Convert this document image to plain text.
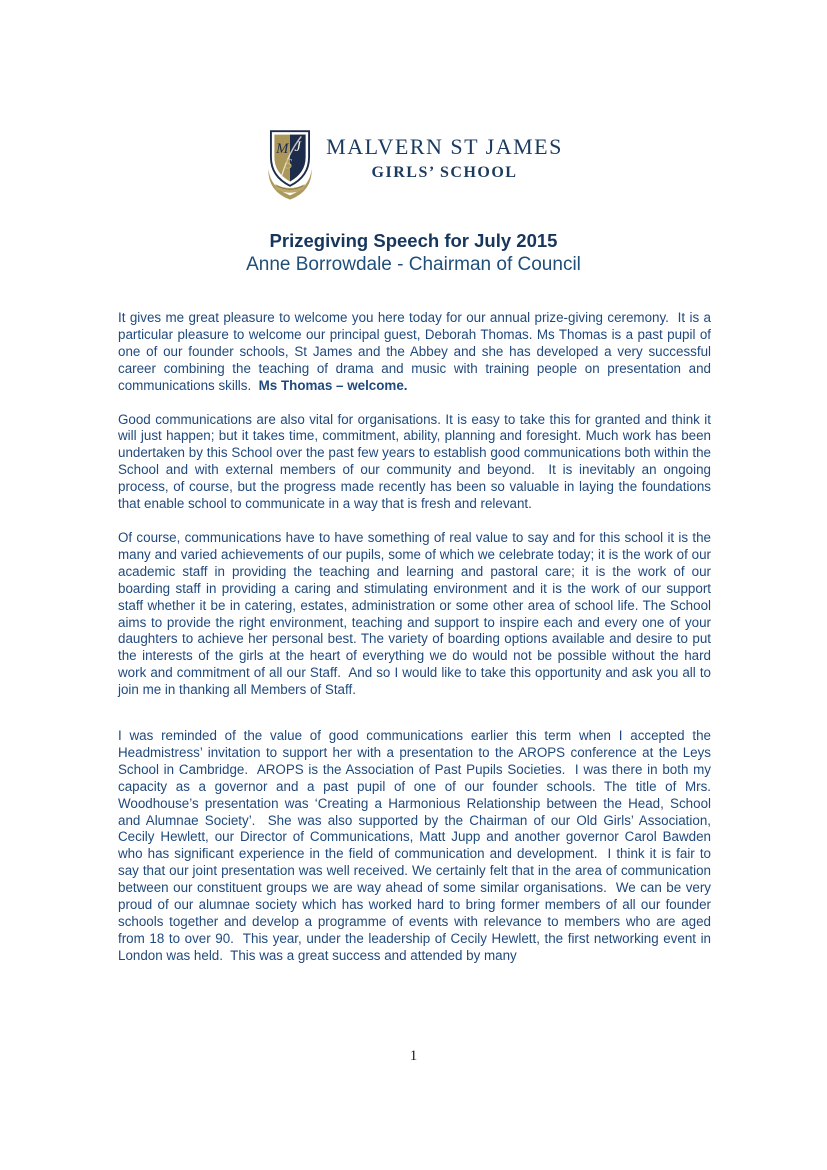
M J
S
MALVERN ST JAMES
GIRLS’ SCHOOL
Prizegiving Speech for July 2015
Anne Borrowdale - Chairman of Council

It gives me great pleasure to welcome you here today for our annual prize-giving ceremony.  It is a particular pleasure to welcome our principal guest, Deborah Thomas. Ms Thomas is a past pupil of one of our founder schools, St James and the Abbey and she has developed a very successful career combining the teaching of drama and music with training people on presentation and communications skills.  Ms Thomas – welcome.

Good communications are also vital for organisations. It is easy to take this for granted and think it will just happen; but it takes time, commitment, ability, planning and foresight. Much work has been undertaken by this School over the past few years to establish good communications both within the School and with external members of our community and beyond.  It is inevitably an ongoing process, of course, but the progress made recently has been so valuable in laying the foundations that enable school to communicate in a way that is fresh and relevant.

Of course, communications have to have something of real value to say and for this school it is the many and varied achievements of our pupils, some of which we celebrate today; it is the work of our academic staff in providing the teaching and learning and pastoral care; it is the work of our boarding staff in providing a caring and stimulating environment and it is the work of our support staff whether it be in catering, estates, administration or some other area of school life. The School aims to provide the right environment, teaching and support to inspire each and every one of your daughters to achieve her personal best. The variety of boarding options available and desire to put the interests of the girls at the heart of everything we do would not be possible without the hard work and commitment of all our Staff.  And so I would like to take this opportunity and ask you all to join me in thanking all Members of Staff.

I was reminded of the value of good communications earlier this term when I accepted the Headmistress’ invitation to support her with a presentation to the AROPS conference at the Leys School in Cambridge.  AROPS is the Association of Past Pupils Societies.  I was there in both my capacity as a governor and a past pupil of one of our founder schools. The title of Mrs. Woodhouse’s presentation was ‘Creating a Harmonious Relationship between the Head, School and Alumnae Society’.  She was also supported by the Chairman of our Old Girls’ Association, Cecily Hewlett, our Director of Communications, Matt Jupp and another governor Carol Bawden who has significant experience in the field of communication and development.  I think it is fair to say that our joint presentation was well received. We certainly felt that in the area of communication between our constituent groups we are way ahead of some similar organisations.  We can be very proud of our alumnae society which has worked hard to bring former members of all our founder schools together and develop a programme of events with relevance to members who are aged from 18 to over 90.  This year, under the leadership of Cecily Hewlett, the first networking event in London was held.  This was a great success and attended by many

1
